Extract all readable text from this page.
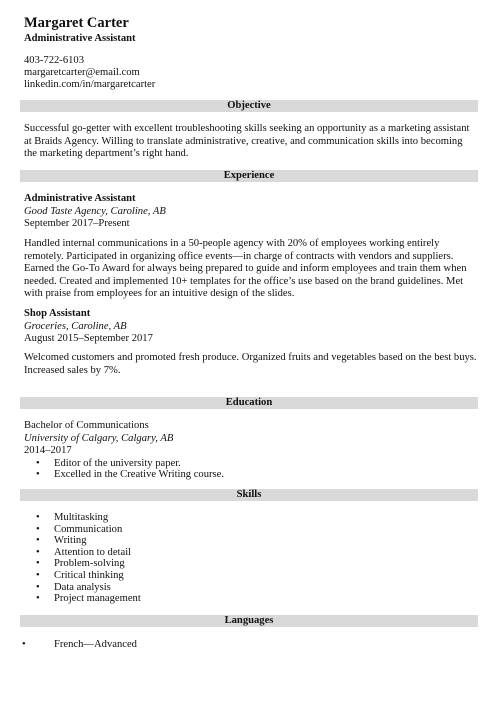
Margaret Carter
Administrative Assistant
403-722-6103
margaretcarter@email.com
linkedin.com/in/margaretcarter
Objective
Successful go-getter with excellent troubleshooting skills seeking an opportunity as a marketing assistant at Braids Agency. Willing to translate administrative, creative, and communication skills into becoming the marketing department’s right hand.
Experience
Administrative Assistant
Good Taste Agency, Caroline, AB
September 2017–Present
Handled internal communications in a 50-people agency with 20% of employees working entirely remotely. Participated in organizing office events—in charge of contracts with vendors and suppliers. Earned the Go-To Award for always being prepared to guide and inform employees and train them when needed. Created and implemented 10+ templates for the office’s use based on the brand guidelines. Met with praise from employees for an intuitive design of the slides.
Shop Assistant
Groceries, Caroline, AB
August 2015–September 2017
Welcomed customers and promoted fresh produce. Organized fruits and vegetables based on the best buys. Increased sales by 7%.
Education
Bachelor of Communications
University of Calgary, Calgary, AB
2014–2017
• Editor of the university paper.
• Excelled in the Creative Writing course.
Skills
• Multitasking
• Communication
• Writing
• Attention to detail
• Problem-solving
• Critical thinking
• Data analysis
• Project management
Languages
• French—Advanced
